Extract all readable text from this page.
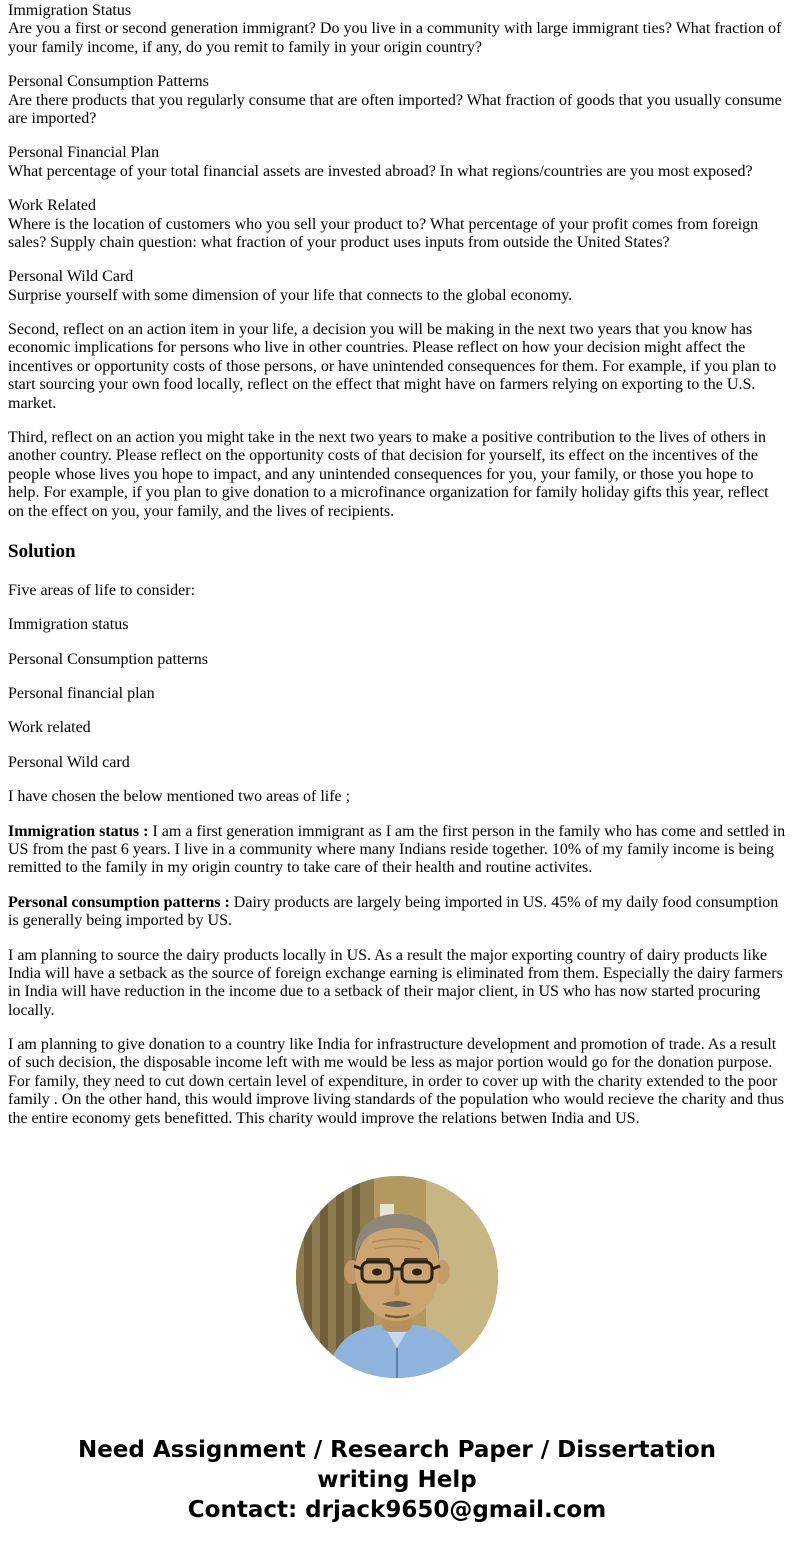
Immigration Status
Are you a first or second generation immigrant? Do you live in a community with large immigrant ties? What fraction of your family income, if any, do you remit to family in your origin country?
Personal Consumption Patterns
Are there products that you regularly consume that are often imported? What fraction of goods that you usually consume are imported?
Personal Financial Plan
What percentage of your total financial assets are invested abroad? In what regions/countries are you most exposed?
Work Related
Where is the location of customers who you sell your product to? What percentage of your profit comes from foreign sales? Supply chain question: what fraction of your product uses inputs from outside the United States?
Personal Wild Card
Surprise yourself with some dimension of your life that connects to the global economy.

Second, reflect on an action item in your life, a decision you will be making in the next two years that you know has economic implications for persons who live in other countries. Please reflect on how your decision might affect the incentives or opportunity costs of those persons, or have unintended consequences for them. For example, if you plan to start sourcing your own food locally, reflect on the effect that might have on farmers relying on exporting to the U.S. market.

Third, reflect on an action you might take in the next two years to make a positive contribution to the lives of others in another country. Please reflect on the opportunity costs of that decision for yourself, its effect on the incentives of the people whose lives you hope to impact, and any unintended consequences for you, your family, or those you hope to help. For example, if you plan to give donation to a microfinance organization for family holiday gifts this year, reflect on the effect on you, your family, and the lives of recipients.

Solution

Five areas of life to consider:

Immigration status

Personal Consumption patterns

Personal financial plan

Work related

Personal Wild card

I have chosen the below mentioned two areas of life ;

Immigration status : I am a first generation immigrant as I am the first person in the family who has come and settled in US from the past 6 years. I live in a community where many Indians reside together. 10% of my family income is being remitted to the family in my origin country to take care of their health and routine activites.

Personal consumption patterns : Dairy products are largely being imported in US. 45% of my daily food consumption is generally being imported by US.

I am planning to source the dairy products locally in US. As a result the major exporting country of dairy products like India will have a setback as the source of foreign exchange earning is eliminated from them. Especially the dairy farmers in India will have reduction in the income due to a setback of their major client, in US who has now started procuring locally.

I am planning to give donation to a country like India for infrastructure development and promotion of trade. As a result of such decision, the disposable income left with me would be less as major portion would go for the donation purpose. For family, they need to cut down certain level of expenditure, in order to cover up with the charity extended to the poor family . On the other hand, this would improve living standards of the population who would recieve the charity and thus the entire economy gets benefitted. This charity would improve the relations betwen India and US.

Need Assignment / Research Paper / Dissertation writing Help
Contact: drjack9650@gmail.com
